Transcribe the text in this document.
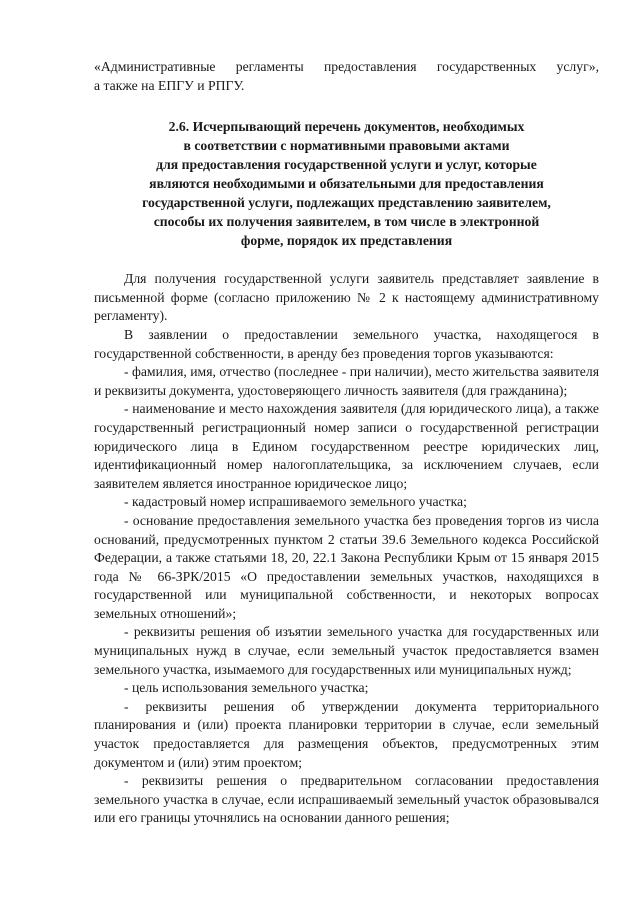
«Административные регламенты предоставления государственных услуг»,

а также на ЕПГУ и РПГУ.

2.6. Исчерпывающий перечень документов, необходимых
в соответствии с нормативными правовыми актами
для предоставления государственной услуги и услуг, которые
являются необходимыми и обязательными для предоставления
государственной услуги, подлежащих представлению заявителем,
способы их получения заявителем, в том числе в электронной
форме, порядок их представления

Для получения государственной услуги заявитель представляет заявление в письменной форме (согласно приложению № 2 к настоящему административному регламенту).

В заявлении о предоставлении земельного участка, находящегося в государственной собственности, в аренду без проведения торгов указываются:

- фамилия, имя, отчество (последнее - при наличии), место жительства заявителя и реквизиты документа, удостоверяющего личность заявителя (для гражданина);

- наименование и место нахождения заявителя (для юридического лица), а также государственный регистрационный номер записи о государственной регистрации юридического лица в Едином государственном реестре юридических лиц, идентификационный номер налогоплательщика, за исключением случаев, если заявителем является иностранное юридическое лицо;

- кадастровый номер испрашиваемого земельного участка;

- основание предоставления земельного участка без проведения торгов из числа оснований, предусмотренных пунктом 2 статьи 39.6 Земельного кодекса Российской Федерации, а также статьями 18, 20, 22.1 Закона Республики Крым от 15 января 2015 года № 66-ЗРК/2015 «О предоставлении земельных участков, находящихся в государственной или муниципальной собственности, и некоторых вопросах земельных отношений»;

- реквизиты решения об изъятии земельного участка для государственных или муниципальных нужд в случае, если земельный участок предоставляется взамен земельного участка, изымаемого для государственных или муниципальных нужд;

- цель использования земельного участка;

- реквизиты решения об утверждении документа территориального планирования и (или) проекта планировки территории в случае, если земельный участок предоставляется для размещения объектов, предусмотренных этим документом и (или) этим проектом;

- реквизиты решения о предварительном согласовании предоставления земельного участка в случае, если испрашиваемый земельный участок образовывался или его границы уточнялись на основании данного решения;
